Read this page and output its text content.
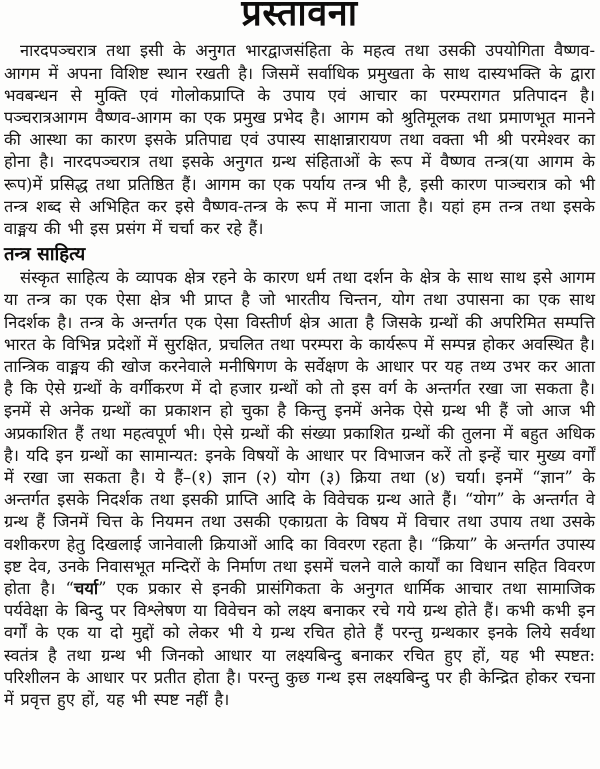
प्रस्तावना

नारदपञ्चरात्र तथा इसी के अनुगत भारद्वाजसंहिता के महत्व तथा उसकी उपयोगिता वैष्णव-आगम में अपना विशिष्ट स्थान रखती है। जिसमें सर्वाधिक प्रमुखता के साथ दास्यभक्ति के द्वारा भवबन्धन से मुक्ति एवं गोलोकप्राप्ति के उपाय एवं आचार का परम्परागत प्रतिपादन है। पञ्चरात्रआगम वैष्णव-आगम का एक प्रमुख प्रभेद है। आगम को श्रुतिमूलक तथा प्रमाणभूत मानने की आस्था का कारण इसके प्रतिपाद्य एवं उपास्य साक्षान्नारायण तथा वक्ता भी श्री परमेश्वर का होना है। नारदपञ्चरात्र तथा इसके अनुगत ग्रन्थ संहिताओं के रूप में वैष्णव तन्त्र(या आगम के रूप)में प्रसिद्ध तथा प्रतिष्ठित हैं। आगम का एक पर्याय तन्त्र भी है, इसी कारण पाञ्चरात्र को भी तन्त्र शब्द से अभिहित कर इसे वैष्णव-तन्त्र के रूप में माना जाता है। यहां हम तन्त्र तथा इसके वाङ्मय की भी इस प्रसंग में चर्चा कर रहे हैं।

तन्त्र साहित्य

संस्कृत साहित्य के व्यापक क्षेत्र रहने के कारण धर्म तथा दर्शन के क्षेत्र के साथ साथ इसे आगम या तन्त्र का एक ऐसा क्षेत्र भी प्राप्त है जो भारतीय चिन्तन, योग तथा उपासना का एक साथ निदर्शक है। तन्त्र के अन्तर्गत एक ऐसा विस्तीर्ण क्षेत्र आता है जिसके ग्रन्थों की अपरिमित सम्पत्ति भारत के विभिन्न प्रदेशों में सुरक्षित, प्रचलित तथा परम्परा के कार्यरूप में सम्पन्न होकर अवस्थित है। तान्त्रिक वाङ्मय की खोज करनेवाले मनीषिगण के सर्वेक्षण के आधार पर यह तथ्य उभर कर आता है कि ऐसे ग्रन्थों के वर्गीकरण में दो हजार ग्रन्थों को तो इस वर्ग के अन्तर्गत रखा जा सकता है। इनमें से अनेक ग्रन्थों का प्रकाशन हो चुका है किन्तु इनमें अनेक ऐसे ग्रन्थ भी हैं जो आज भी अप्रकाशित हैं तथा महत्वपूर्ण भी। ऐसे ग्रन्थों की संख्या प्रकाशित ग्रन्थों की तुलना में बहुत अधिक है। यदि इन ग्रन्थों का सामान्यत: इनके विषयों के आधार पर विभाजन करें तो इन्हें चार मुख्य वर्गों में रखा जा सकता है। ये हैं–(१) ज्ञान (२) योग (३) क्रिया तथा (४) चर्या। इनमें “ज्ञान” के अन्तर्गत इसके निदर्शक तथा इसकी प्राप्ति आदि के विवेचक ग्रन्थ आते हैं। “योग” के अन्तर्गत वे ग्रन्थ हैं जिनमें चित्त के नियमन तथा उसकी एकाग्रता के विषय में विचार तथा उपाय तथा उसके वशीकरण हेतु दिखलाई जानेवाली क्रियाओं आदि का विवरण रहता है। “क्रिया” के अन्तर्गत उपास्य इष्ट देव, उनके निवासभूत मन्दिरों के निर्माण तथा इसमें चलने वाले कार्यों का विधान सहित विवरण होता है। “चर्या” एक प्रकार से इनकी प्रासंगिकता के अनुगत धार्मिक आचार तथा सामाजिक पर्यवेक्षा के बिन्दु पर विश्लेषण या विवेचन को लक्ष्य बनाकर रचे गये ग्रन्थ होते हैं। कभी कभी इन वर्गों के एक या दो मुद्दों को लेकर भी ये ग्रन्थ रचित होते हैं परन्तु ग्रन्थकार इनके लिये सर्वथा स्वतंत्र है तथा ग्रन्थ भी जिनको आधार या लक्ष्यबिन्दु बनाकर रचित हुए हों, यह भी स्पष्टत: परिशीलन के आधार पर प्रतीत होता है। परन्तु कुछ गन्थ इस लक्ष्यबिन्दु पर ही केन्द्रित होकर रचना में प्रवृत्त हुए हों, यह भी स्पष्ट नहीं है।
